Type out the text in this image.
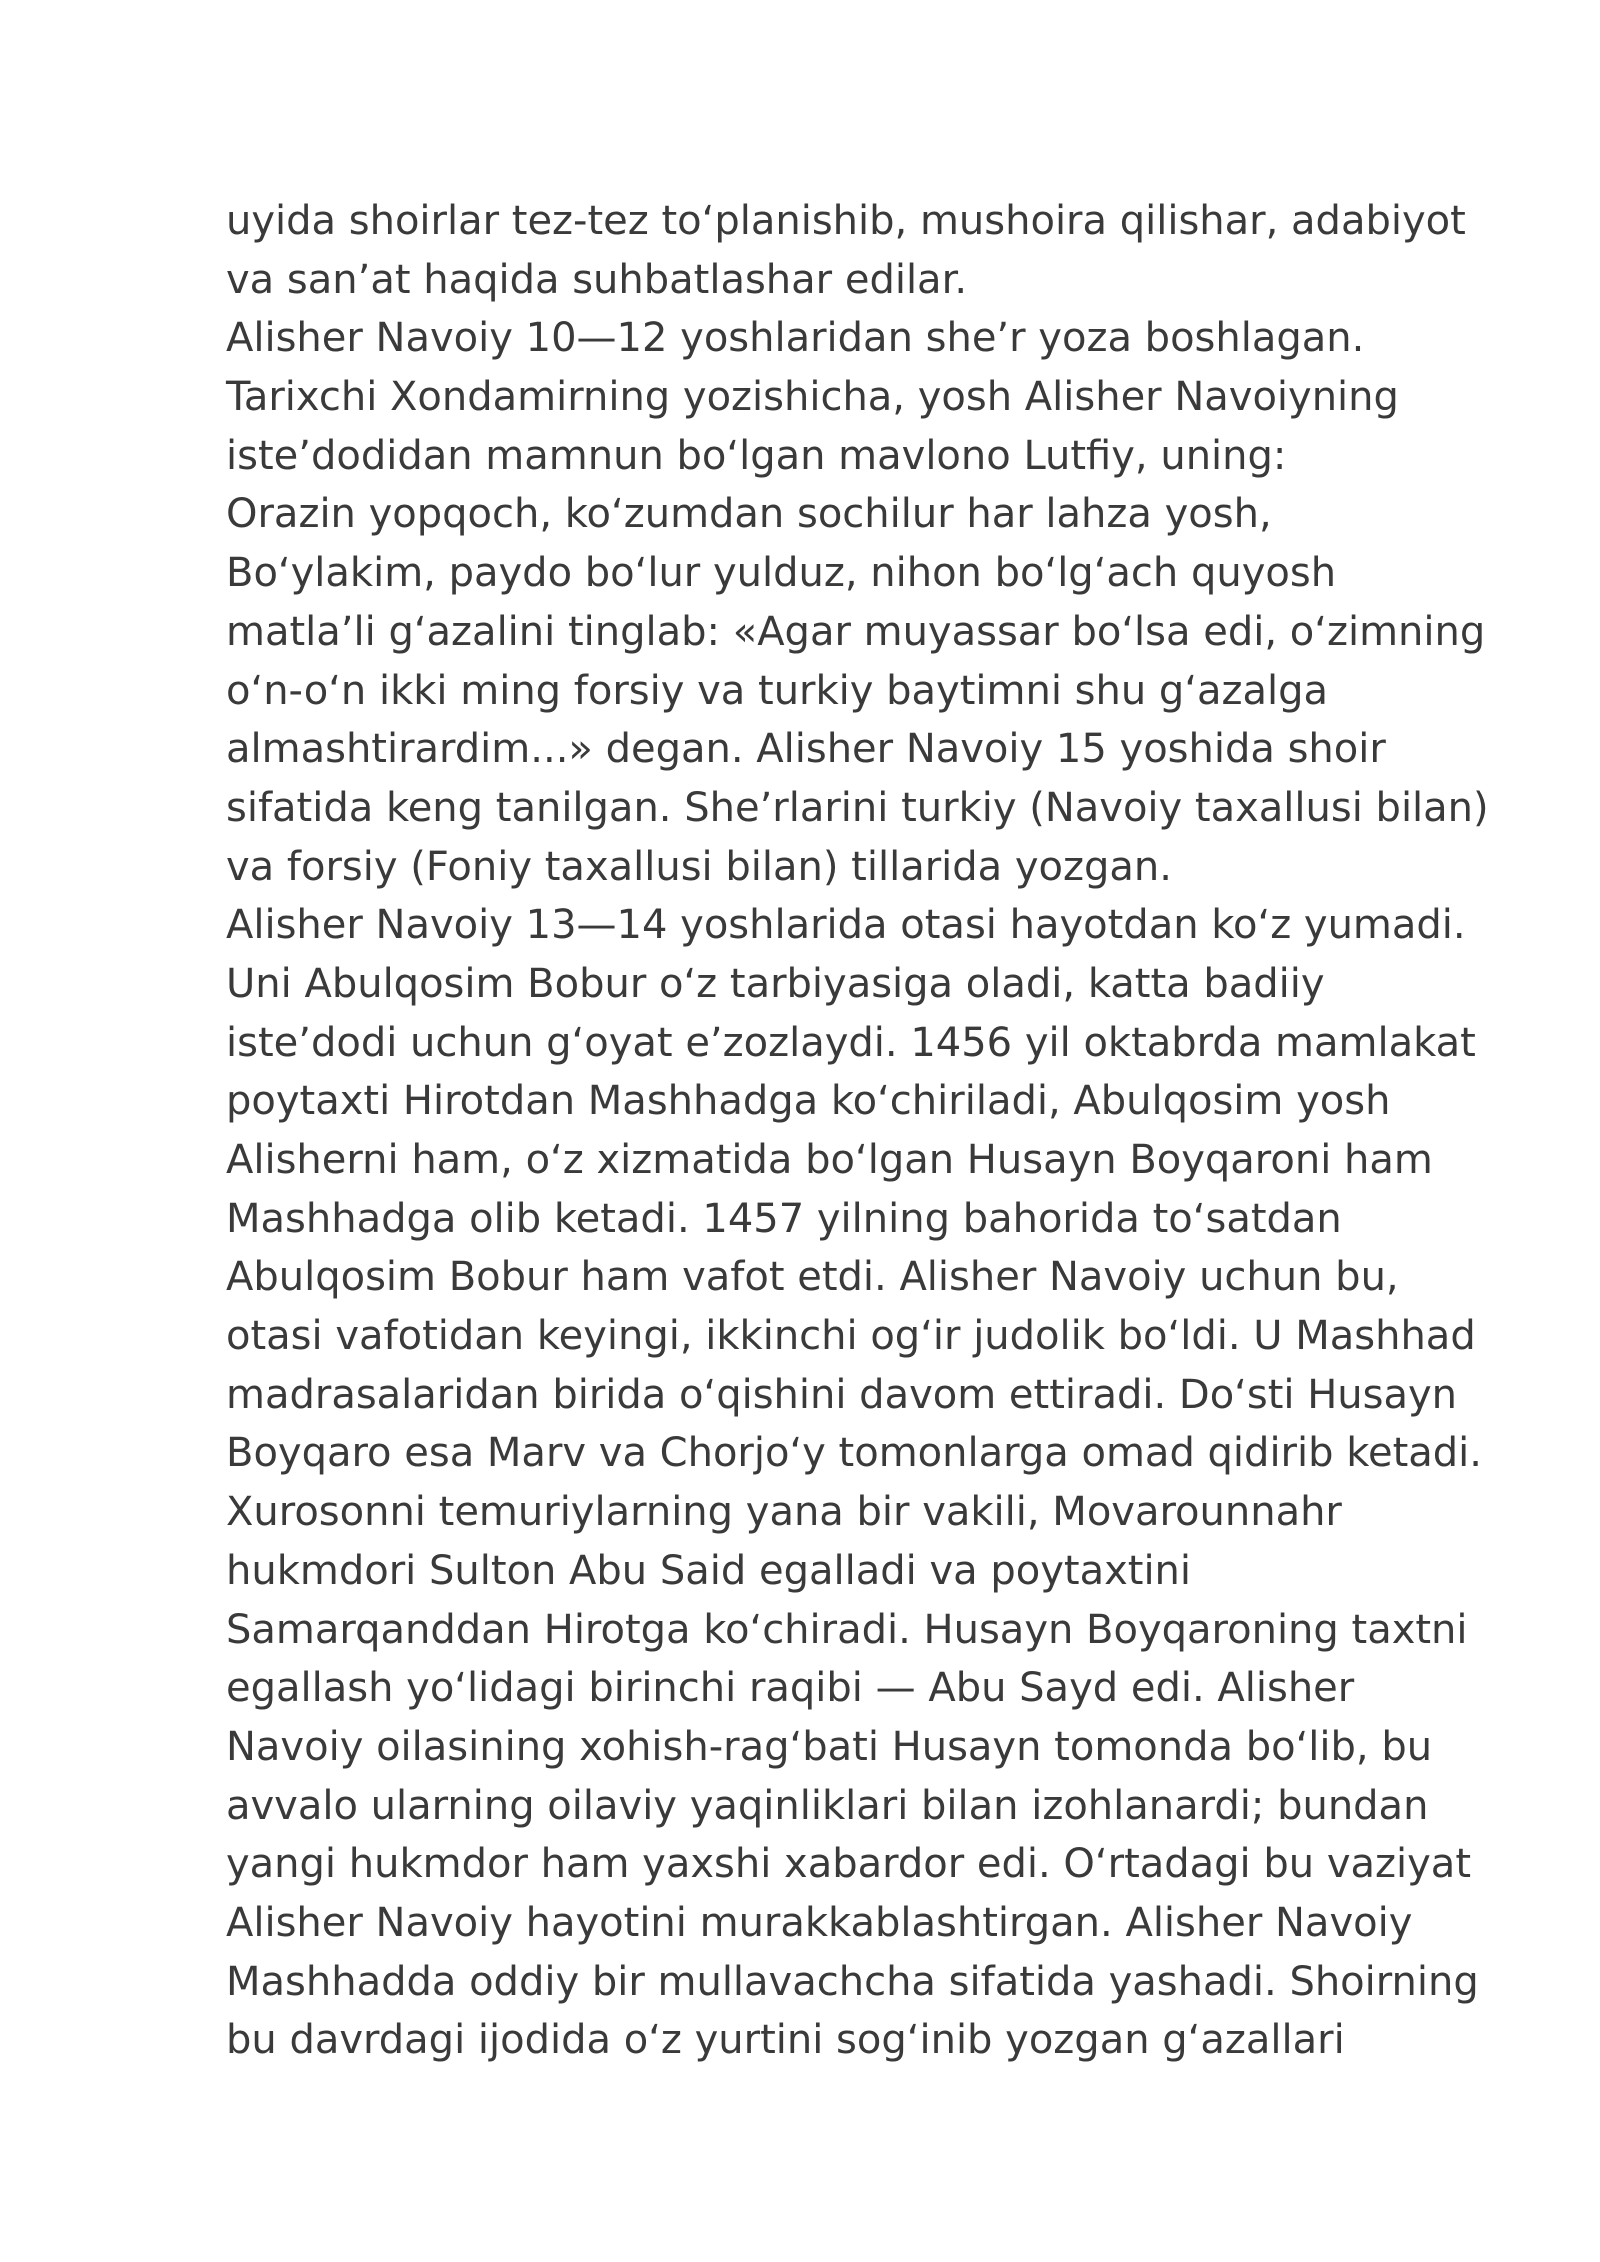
uyida shoirlar tez-tez to‘planishib, mushoira qilishar, adabiyot
va san’at haqida suhbatlashar edilar.
Alisher Navoiy 10—12 yoshlaridan she’r yoza boshlagan.
Tarixchi Xondamirning yozishicha, yosh Alisher Navoiyning
iste’dodidan mamnun bo‘lgan mavlono Lutfiy, uning:
Orazin yopqoch, ko‘zumdan sochilur har lahza yosh,
Bo‘ylakim, paydo bo‘lur yulduz, nihon bo‘lg‘ach quyosh
matla’li g‘azalini tinglab: «Agar muyassar bo‘lsa edi, o‘zimning
o‘n-o‘n ikki ming forsiy va turkiy baytimni shu g‘azalga
almashtirardim...» degan. Alisher Navoiy 15 yoshida shoir
sifatida keng tanilgan. She’rlarini turkiy (Navoiy taxallusi bilan)
va forsiy (Foniy taxallusi bilan) tillarida yozgan.
Alisher Navoiy 13—14 yoshlarida otasi hayotdan ko‘z yumadi.
Uni Abulqosim Bobur o‘z tarbiyasiga oladi, katta badiiy
iste’dodi uchun g‘oyat e’zozlaydi. 1456 yil oktabrda mamlakat
poytaxti Hirotdan Mashhadga ko‘chiriladi, Abulqosim yosh
Alisherni ham, o‘z xizmatida bo‘lgan Husayn Boyqaroni ham
Mashhadga olib ketadi. 1457 yilning bahorida to‘satdan
Abulqosim Bobur ham vafot etdi. Alisher Navoiy uchun bu,
otasi vafotidan keyingi, ikkinchi og‘ir judolik bo‘ldi. U Mashhad
madrasalaridan birida o‘qishini davom ettiradi. Do‘sti Husayn
Boyqaro esa Marv va Chorjo‘y tomonlarga omad qidirib ketadi.
Xurosonni temuriylarning yana bir vakili, Movarounnahr
hukmdori Sulton Abu Said egalladi va poytaxtini
Samarqanddan Hirotga ko‘chiradi. Husayn Boyqaroning taxtni
egallash yo‘lidagi birinchi raqibi — Abu Sayd edi. Alisher
Navoiy oilasining xohish-rag‘bati Husayn tomonda bo‘lib, bu
avvalo ularning oilaviy yaqinliklari bilan izohlanardi; bundan
yangi hukmdor ham yaxshi xabardor edi. O‘rtadagi bu vaziyat
Alisher Navoiy hayotini murakkablashtirgan. Alisher Navoiy
Mashhadda oddiy bir mullavachcha sifatida yashadi. Shoirning
bu davrdagi ijodida o‘z yurtini sog‘inib yozgan g‘azallari
